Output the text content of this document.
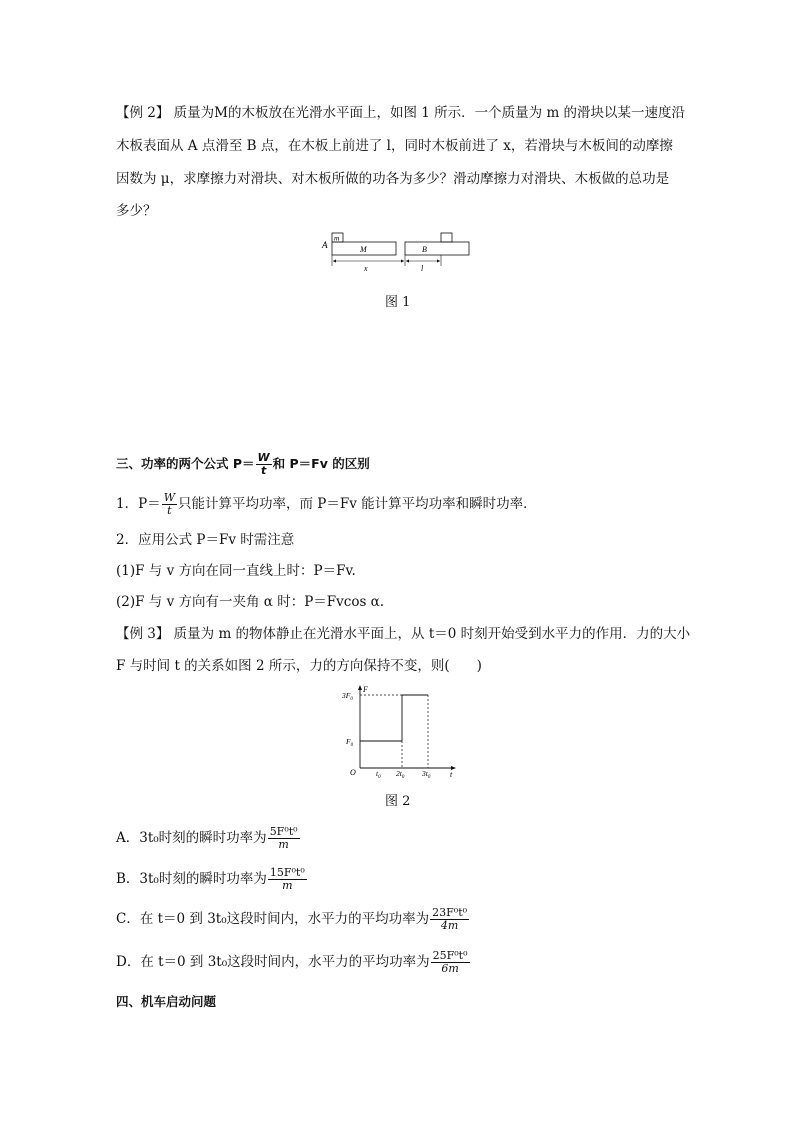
【例 2】 质量为M的木板放在光滑水平面上，如图 1 所示．一个质量为 m 的滑块以某一速度沿
木板表面从 A 点滑至 B 点，在木板上前进了 l，同时木板前进了 x，若滑块与木板间的动摩擦
因数为 μ，求摩擦力对滑块、对木板所做的功各为多少？滑动摩擦力对滑块、木板做的总功是
多少？
A
m
M	B
x	l
图 1
三、功率的两个公式 $P= \frac{W}{t}$ 和 P＝Fv 的区别
1．$P= \frac{W}{t}$ 只能计算平均功率，而 P＝Fv 能计算平均功率和瞬时功率．
2．应用公式 P＝Fv 时需注意
(1)F 与 v 方向在同一直线上时：P＝Fv.
(2)F 与 v 方向有一夹角 α 时：P＝Fvcos α.
【例 3】 质量为 m 的物体静止在光滑水平面上，从 t＝0 时刻开始受到水平力的作用．力的大小
F 与时间 t 的关系如图 2 所示，力的方向保持不变，则(　　)
F
t
O	$t_0$ $2t_0$ $3t_0$
$3F_0$
$F_0$
图 2
A．3t₀时刻的瞬时功率为 $\frac{\text{5F⁰t⁰}}{m}$
B．3t₀时刻的瞬时功率为 $\frac{\text{15F⁰t⁰}}{m}$
C．在 t＝0 到 3t₀这段时间内，水平力的平均功率为 $\frac{\text{23F⁰t⁰}}{4m}$
D．在 t＝0 到 3t₀这段时间内，水平力的平均功率为 $\frac{\text{25F⁰t⁰}}{6m}$
四、机车启动问题
